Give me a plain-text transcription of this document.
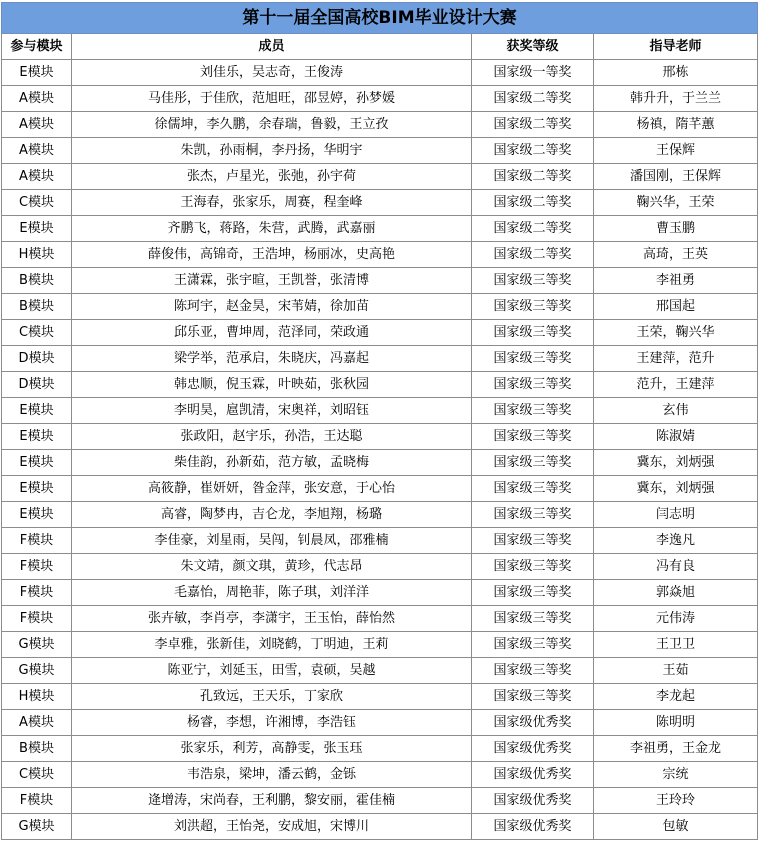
第十一届全国高校BIM毕业设计大赛			
参与模块	成员	获奖等级	指导老师
E模块	刘佳乐，吴志奇，王俊涛	国家级一等奖	邢栋
A模块	马佳彤，于佳欣，范旭旺，邵昱婷，孙梦媛	国家级二等奖	韩升升，于兰兰
A模块	徐儒坤，李久鹏，余春瑞，鲁毅，王立孜	国家级二等奖	杨禛，隋芊蕙
A模块	朱凯，孙雨桐，李丹扬，华明宇	国家级二等奖	王保辉
A模块	张杰，卢星光，张弛，孙宇荷	国家级二等奖	潘国刚，王保辉
C模块	王海春，张家乐，周赛，程奎峰	国家级二等奖	鞠兴华，王荣
E模块	齐鹏飞，蒋路，朱营，武腾，武嘉丽	国家级二等奖	曹玉鹏
H模块	薛俊伟，高锦奇，王浩坤，杨丽冰，史高艳	国家级二等奖	高琦，王英
B模块	王潇霖，张宇暄，王凯誉，张清博	国家级三等奖	李祖勇
B模块	陈珂宇，赵金昊，宋苇婧，徐加苗	国家级三等奖	邢国起
C模块	邱乐亚，曹坤周，范泽同，荣政通	国家级三等奖	王荣，鞠兴华
D模块	梁学举，范承启，朱晓庆，冯嘉起	国家级三等奖	王建萍，范升
D模块	韩忠顺，倪玉霖，叶映茹，张秋园	国家级三等奖	范升，王建萍
E模块	李明昊，扈凯清，宋奥祥，刘昭钰	国家级三等奖	玄伟
E模块	张政阳，赵宇乐，孙浩，王达聪	国家级三等奖	陈淑婧
E模块	柴佳韵，孙新茹，范方敏，孟晓梅	国家级三等奖	冀东，刘炳强
E模块	高筱静，崔妍妍，昝金萍，张安意，于心怡	国家级三等奖	冀东，刘炳强
E模块	高睿，陶梦冉，吉仑龙，李旭翔，杨璐	国家级三等奖	闫志明
F模块	李佳豪，刘星雨，吴闯，钊晨凤，邵雅楠	国家级三等奖	李逸凡
F模块	朱文靖，颜文琪，黄珍，代志昂	国家级三等奖	冯有良
F模块	毛嘉怡，周艳菲，陈子琪，刘洋洋	国家级三等奖	郭焱旭
F模块	张卉敏，李肖亭，李潇宇，王玉怡，薛怡然	国家级三等奖	元伟涛
G模块	李卓雅，张新佳，刘晓鹤，丁明迪，王莉	国家级三等奖	王卫卫
G模块	陈亚宁，刘延玉，田雪，袁硕，吴越	国家级三等奖	王茹
H模块	孔致远，王天乐，丁家欣	国家级三等奖	李龙起
A模块	杨睿，李想，许湘博，李浩钰	国家级优秀奖	陈明明
B模块	张家乐，利芳，高静雯，张玉珏	国家级优秀奖	李祖勇，王金龙
C模块	韦浩泉，梁坤，潘云鹤，金铄	国家级优秀奖	宗统
F模块	逄增涛，宋尚春，王利鹏，黎安丽，霍佳楠	国家级优秀奖	王玲玲
G模块	刘洪超，王怡尧，安成旭，宋博川	国家级优秀奖	包敏
